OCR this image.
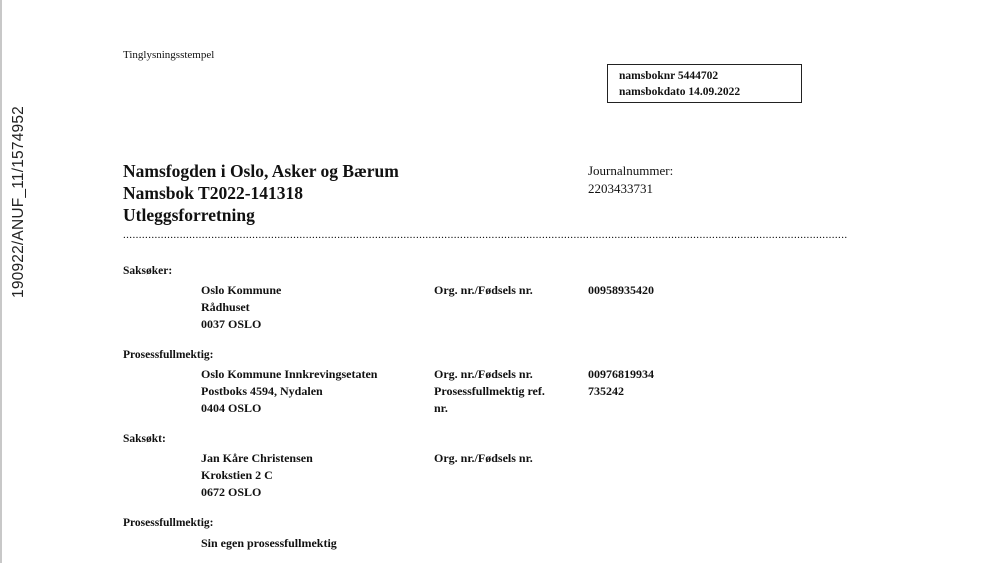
190922/ANUF_11/1574952
Tinglysningsstempel
namsboknr 5444702
namsbokdato 14.09.2022
Namsfogden i Oslo, Asker og Bærum
Namsbok T2022-141318
Utleggsforretning
Journalnummer:
2203433731
......................................................................................................................................................................................................................................
Saksøker:
Oslo Kommune
Rådhuset
0037 OSLO
Org. nr./Fødsels nr.	00958935420
Prosessfullmektig:
Oslo Kommune Innkrevingsetaten
Postboks 4594, Nydalen
0404 OSLO
Org. nr./Fødsels nr.
Prosessfullmektig ref.
nr.
00976819934
735242
Saksøkt:
Jan Kåre Christensen
Krokstien 2 C
0672 OSLO
Org. nr./Fødsels nr.
Prosessfullmektig:
Sin egen prosessfullmektig
